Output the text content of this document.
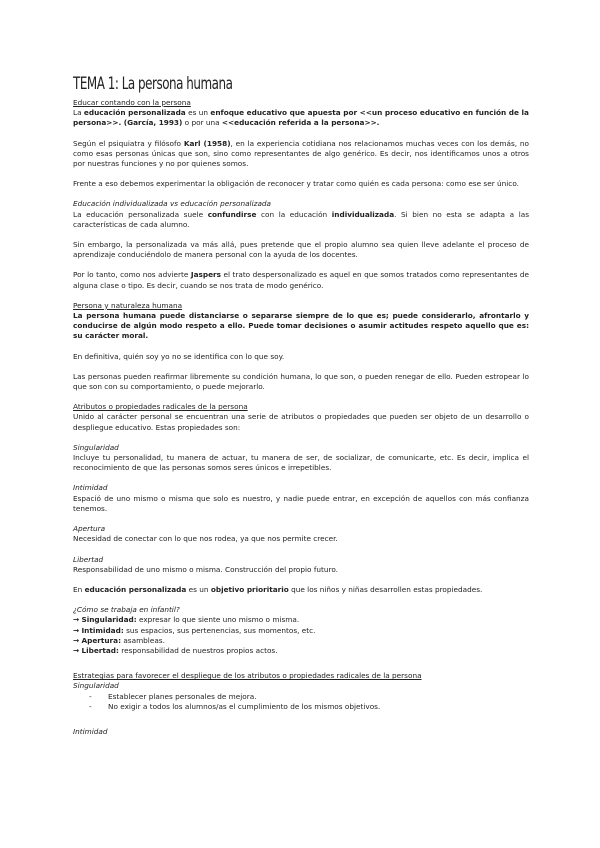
TEMA 1: La persona humana

Educar contando con la persona

La educación personalizada es un enfoque educativo que apuesta por <<un proceso educativo en función de la persona>>. (García, 1993) o por una <<educación referida a la persona>>.

Según el psiquiatra y filósofo Karl (1958), en la experiencia cotidiana nos relacionamos muchas veces con los demás, no como esas personas únicas que son, sino como representantes de algo genérico. Es decir, nos identificamos unos a otros por nuestras funciones y no por quienes somos.

Frente a eso debemos experimentar la obligación de reconocer y tratar como quién es cada persona: como ese ser único.

Educación individualizada vs educación personalizada

La educación personalizada suele confundirse con la educación individualizada. Si bien no esta se adapta a las características de cada alumno.

Sin embargo, la personalizada va más allá, pues pretende que el propio alumno sea quien lleve adelante el proceso de aprendizaje conduciéndolo de manera personal con la ayuda de los docentes.

Por lo tanto, como nos advierte Jaspers el trato despersonalizado es aquel en que somos tratados como representantes de alguna clase o tipo. Es decir, cuando se nos trata de modo genérico.

Persona y naturaleza humana

La persona humana puede distanciarse o separarse siempre de lo que es; puede considerarlo, afrontarlo y conducirse de algún modo respeto a ello. Puede tomar decisiones o asumir actitudes respeto aquello que es: su carácter moral.

En definitiva, quién soy yo no se identifica con lo que soy.

Las personas pueden reafirmar libremente su condición humana, lo que son, o pueden renegar de ello. Pueden estropear lo que son con su comportamiento, o puede mejorarlo.

Atributos o propiedades radicales de la persona

Unido al carácter personal se encuentran una serie de atributos o propiedades que pueden ser objeto de un desarrollo o despliegue educativo. Estas propiedades son:

Singularidad

Incluye tu personalidad, tu manera de actuar, tu manera de ser, de socializar, de comunicarte, etc. Es decir, implica el reconocimiento de que las personas somos seres únicos e irrepetibles.

Intimidad

Espació de uno mismo o misma que solo es nuestro, y nadie puede entrar, en excepción de aquellos con más confianza tenemos.

Apertura

Necesidad de conectar con lo que nos rodea, ya que nos permite crecer.

Libertad

Responsabilidad de uno mismo o misma. Construcción del propio futuro.

En educación personalizada es un objetivo prioritario que los niños y niñas desarrollen estas propiedades.

¿Cómo se trabaja en infantil?

→ Singularidad: expresar lo que siente uno mismo o misma.

→ Intimidad: sus espacios, sus pertenencias, sus momentos, etc.

→ Apertura: asambleas.

→ Libertad: responsabilidad de nuestros propios actos.

Estrategias para favorecer el despliegue de los atributos o propiedades radicales de la persona

Singularidad

- Establecer planes personales de mejora.
- No exigir a todos los alumnos/as el cumplimiento de los mismos objetivos.

Intimidad
